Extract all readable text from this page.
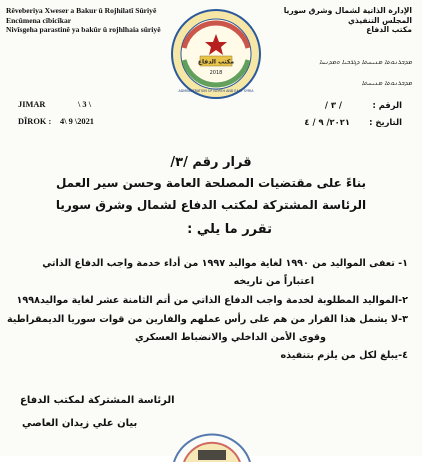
Rêveberiya Xweser a Bakur û Rojhilatî Sûriyê
Encûmena cîbicîkar
Nivîsgeha parastinê ya bakûr û rojhlhaia sûriyê
الإدارة الذاتية لشمال وشرق سوريا
المجلس التنفيذي
مكتب الدفاع
ܡܕܒܪܢܘܬܐ ܡܢܝܚܬܐ ܕܓܪܒܝܐ ܘܡܕܢܚܐ
ܡܕܒܪܢܘܬܐ ܡܢܝܚܬܐ
مكتب الدفاع
2018
ADMINISTRATION OF NORTH AND EAST SYRIA
JIMAR	\ 3 \
DÎROK : 4\ 9 \2021
الرقم :
/ ٣ /
التاريخ :
٢٠٢١/ ٩ / ٤
قرار رقم /٣/
بناءً على مقتضيات المصلحة العامة وحسن سير العمل
الرئاسة المشتركة لمكتب الدفاع لشمال وشرق سوريا
تقرر ما يلي :
١- تعفى المواليد من ١٩٩٠ لغاية مواليد ١٩٩٧ من أداء خدمة واجب الدفاع الذاتي
اعتباراً من تاريخه
٢-المواليد المطلوبة لخدمة واجب الدفاع الذاتي من أتم الثامنة عشر لغاية مواليد١٩٩٨
٣-لا يشمل هذا القرار من هم على رأس عملهم والفارين من قوات سوريا الديمقراطية
وقوى الأمن الداخلي والانضباط العسكري
٤-يبلغ لكل من يلزم بتنفيذه
الرئاسة المشتركة لمكتب الدفاع
بيان علي زيدان العاصي
